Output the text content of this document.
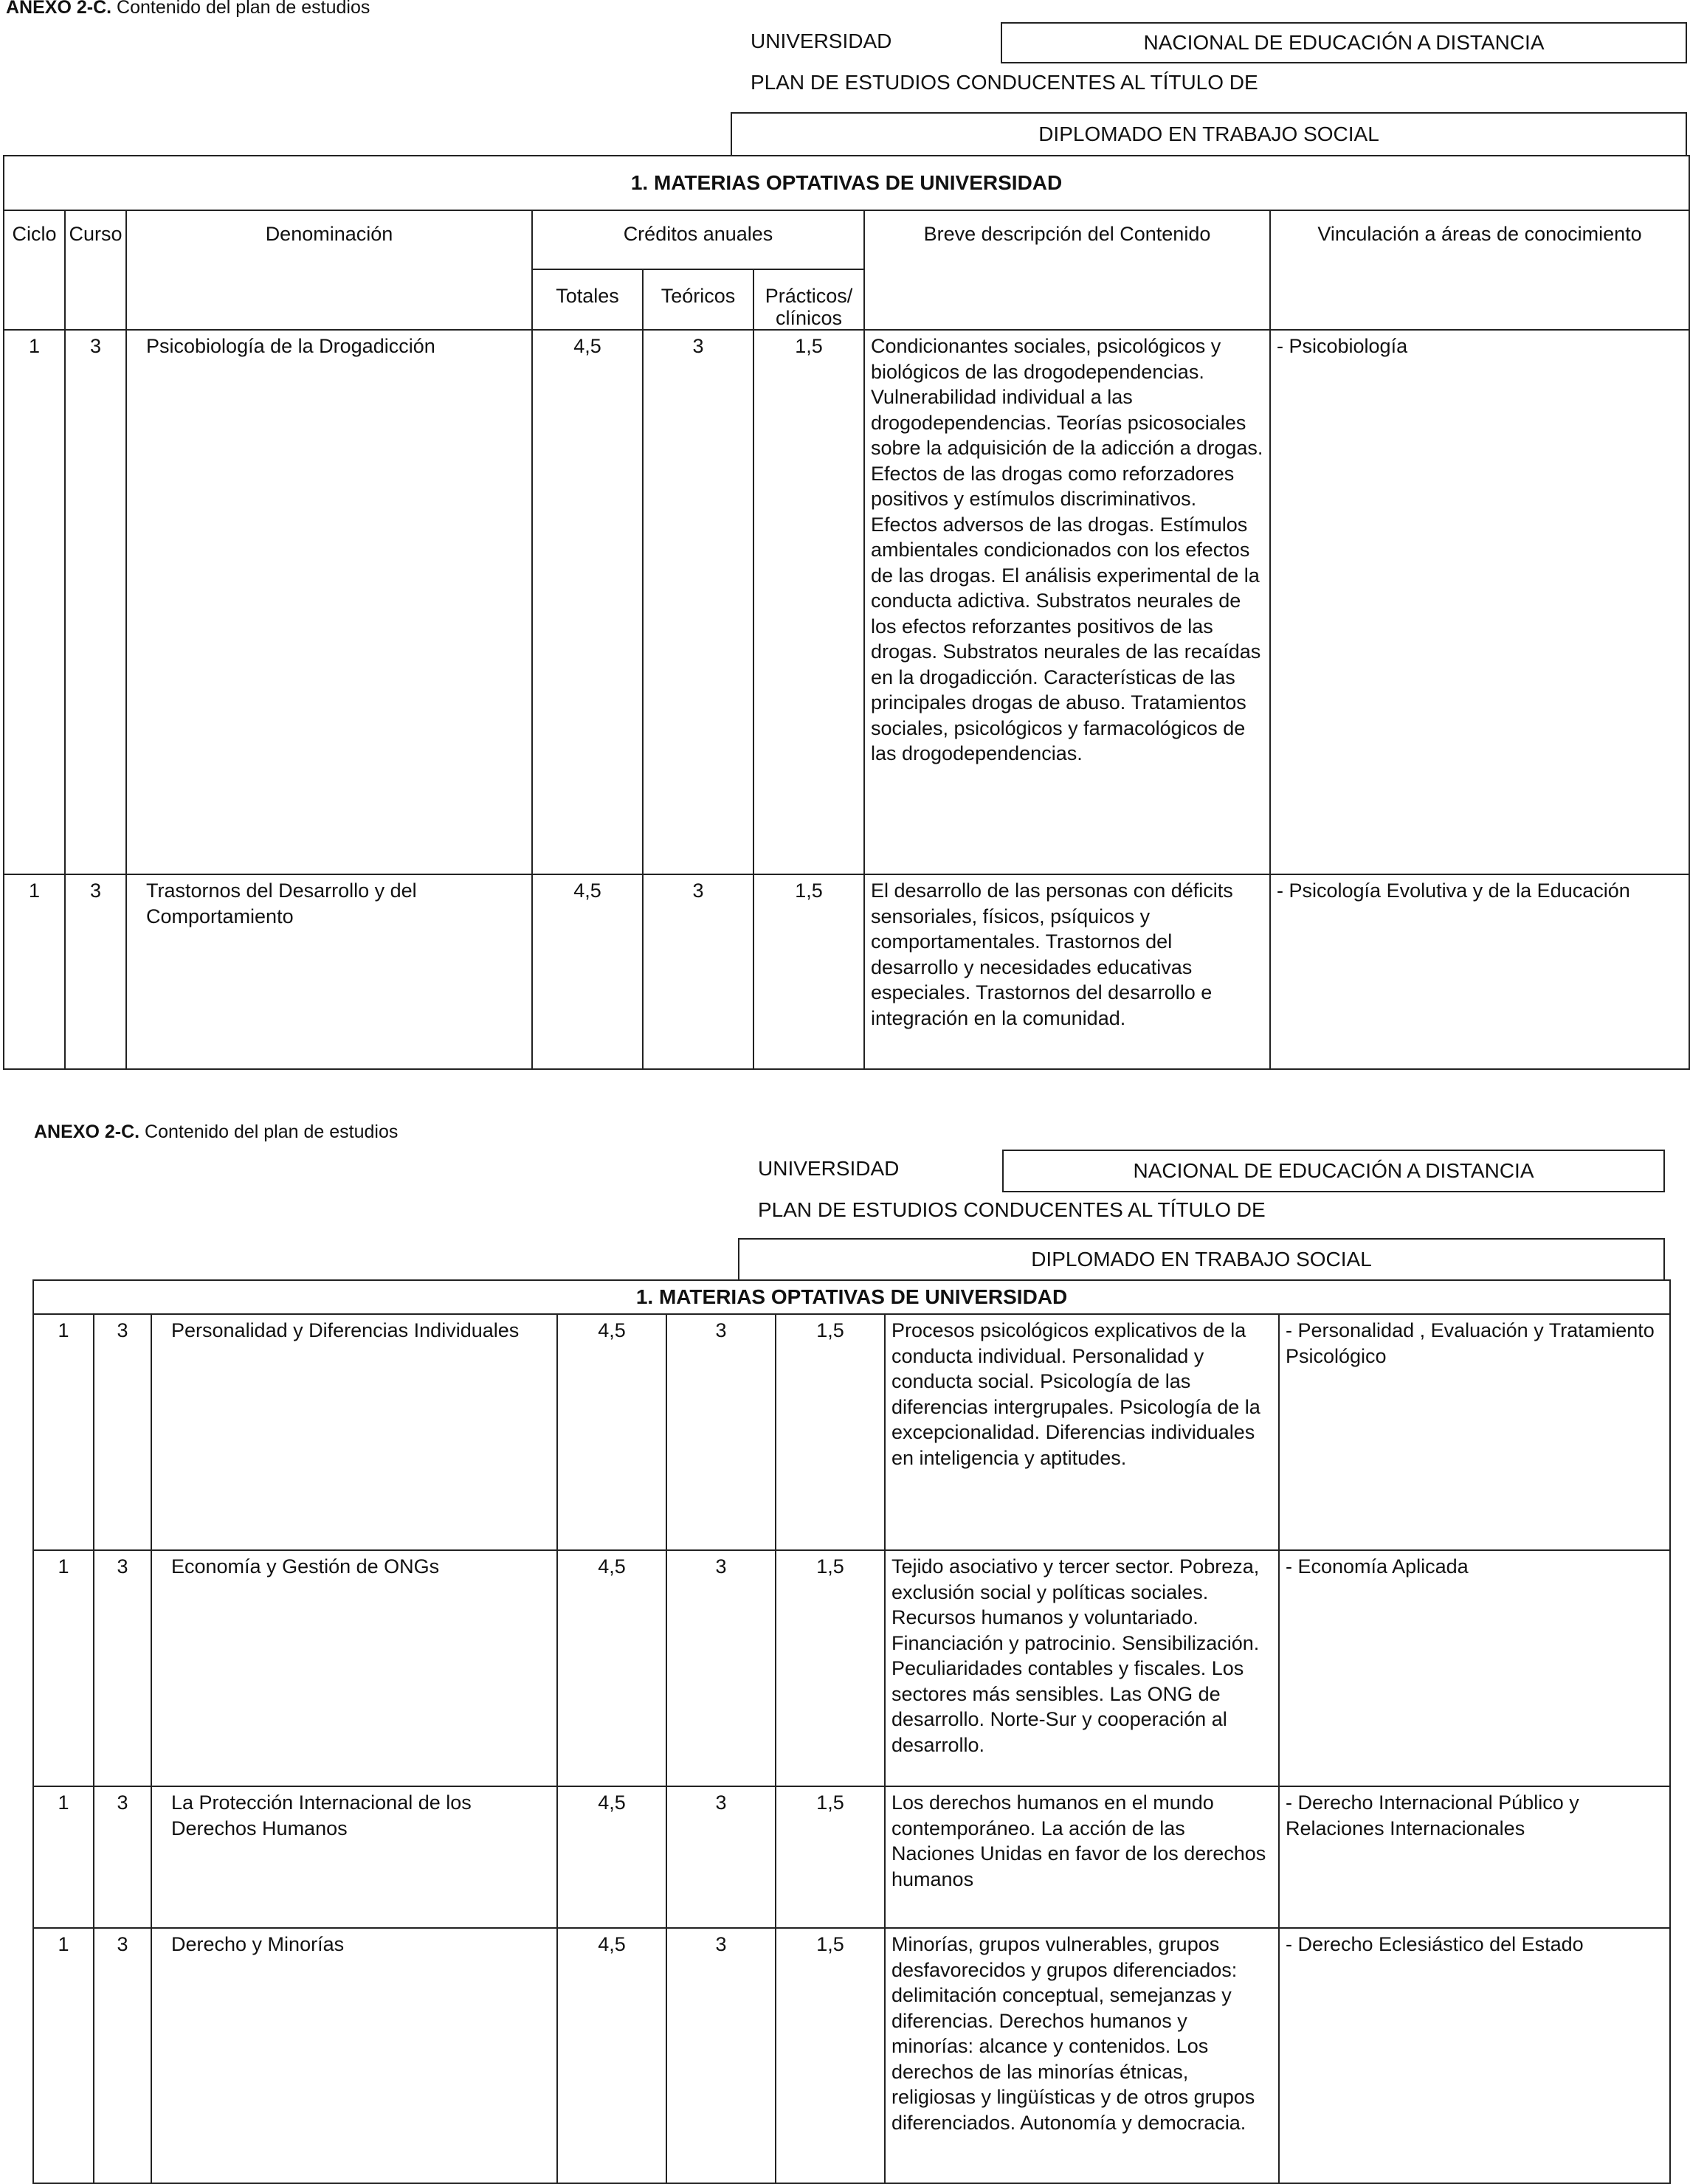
ANEXO 2-C. Contenido del plan de estudios
UNIVERSIDAD	NACIONAL DE EDUCACIÓN A DISTANCIA
PLAN DE ESTUDIOS CONDUCENTES AL TÍTULO DE
DIPLOMADO EN TRABAJO SOCIAL
1. MATERIAS OPTATIVAS DE UNIVERSIDAD							
Ciclo	Curso	Denominación	Créditos anuales			Breve descripción del Contenido	Vinculación a áreas de conocimiento
			Totales	Teóricos	Prácticos/ clínicos		
1	3	Psicobiología de la Drogadicción	4,5	3	1,5	Condicionantes sociales, psicológicos y biológicos de las drogodependencias. Vulnerabilidad individual a las drogodependencias. Teorías psicosociales sobre la adquisición de la adicción a drogas. Efectos de las drogas como reforzadores positivos y estímulos discriminativos. Efectos adversos de las drogas. Estímulos ambientales condicionados con los efectos de las drogas. El análisis experimental de la conducta adictiva. Substratos neurales de los efectos reforzantes positivos de las drogas. Substratos neurales de las recaídas en la drogadicción. Características de las principales drogas de abuso. Tratamientos sociales, psicológicos y farmacológicos de las drogodependencias.	- Psicobiología
1	3	Trastornos del Desarrollo y del Comportamiento	4,5	3	1,5	El desarrollo de las personas con déficits sensoriales, físicos, psíquicos y comportamentales. Trastornos del desarrollo y necesidades educativas especiales. Trastornos del desarrollo e integración en la comunidad.	- Psicología Evolutiva y de la Educación
ANEXO 2-C. Contenido del plan de estudios
UNIVERSIDAD	NACIONAL DE EDUCACIÓN A DISTANCIA
PLAN DE ESTUDIOS CONDUCENTES AL TÍTULO DE
DIPLOMADO EN TRABAJO SOCIAL
1. MATERIAS OPTATIVAS DE UNIVERSIDAD							
1	3	Personalidad y Diferencias Individuales	4,5	3	1,5	Procesos psicológicos explicativos de la conducta individual. Personalidad y conducta social. Psicología de las diferencias intergrupales. Psicología de la excepcionalidad. Diferencias individuales en inteligencia y aptitudes.	- Personalidad , Evaluación y Tratamiento Psicológico
1	3	Economía y Gestión de ONGs	4,5	3	1,5	Tejido asociativo y tercer sector. Pobreza, exclusión social y políticas sociales. Recursos humanos y voluntariado. Financiación y patrocinio. Sensibilización. Peculiaridades contables y fiscales. Los sectores más sensibles. Las ONG de desarrollo. Norte-Sur y cooperación al desarrollo.	- Economía Aplicada
1	3	La Protección Internacional de los Derechos Humanos	4,5	3	1,5	Los derechos humanos en el mundo contemporáneo. La acción de las Naciones Unidas en favor de los derechos humanos	- Derecho Internacional Público y Relaciones Internacionales
1	3	Derecho y Minorías	4,5	3	1,5	Minorías, grupos vulnerables, grupos desfavorecidos y grupos diferenciados: delimitación conceptual, semejanzas y diferencias. Derechos humanos y minorías: alcance y contenidos. Los derechos de las minorías étnicas, religiosas y lingüísticas y de otros grupos diferenciados. Autonomía y democracia.	- Derecho Eclesiástico del Estado
